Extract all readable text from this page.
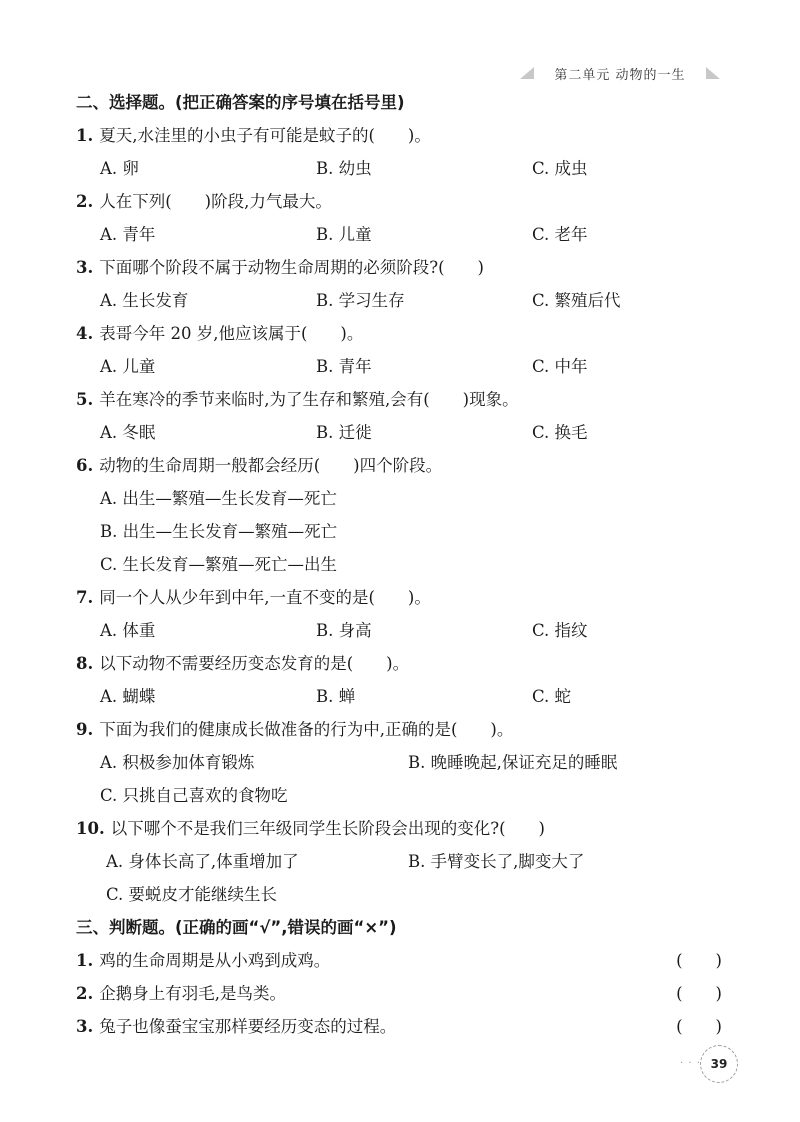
第二单元 动物的一生
二、选择题。(把正确答案的序号填在括号里)
1. 夏天,水洼里的小虫子有可能是蚊子的(　　)。
A. 卵	B. 幼虫	C. 成虫
2. 人在下列(　　)阶段,力气最大。
A. 青年	B. 儿童	C. 老年
3. 下面哪个阶段不属于动物生命周期的必须阶段?(　　)
A. 生长发育	B. 学习生存	C. 繁殖后代
4. 表哥今年 20 岁,他应该属于(　　)。
A. 儿童	B. 青年	C. 中年
5. 羊在寒冷的季节来临时,为了生存和繁殖,会有(　　)现象。
A. 冬眠	B. 迁徙	C. 换毛
6. 动物的生命周期一般都会经历(　　)四个阶段。
A. 出生—繁殖—生长发育—死亡
B. 出生—生长发育—繁殖—死亡
C. 生长发育—繁殖—死亡—出生
7. 同一个人从少年到中年,一直不变的是(　　)。
A. 体重	B. 身高	C. 指纹
8. 以下动物不需要经历变态发育的是(　　)。
A. 蝴蝶	B. 蝉	C. 蛇
9. 下面为我们的健康成长做准备的行为中,正确的是(　　)。
A. 积极参加体育锻炼	B. 晚睡晚起,保证充足的睡眠
C. 只挑自己喜欢的食物吃
10. 以下哪个不是我们三年级同学生长阶段会出现的变化?(　　)
A. 身体长高了,体重增加了	B. 手臂变长了,脚变大了
C. 要蜕皮才能继续生长
三、判断题。(正确的画“√”,错误的画“×”)
1. 鸡的生命周期是从小鸡到成鸡。	(　　)
2. 企鹅身上有羽毛,是鸟类。	(　　)
3. 兔子也像蚕宝宝那样要经历变态的过程。	(　　)
· · · 39
